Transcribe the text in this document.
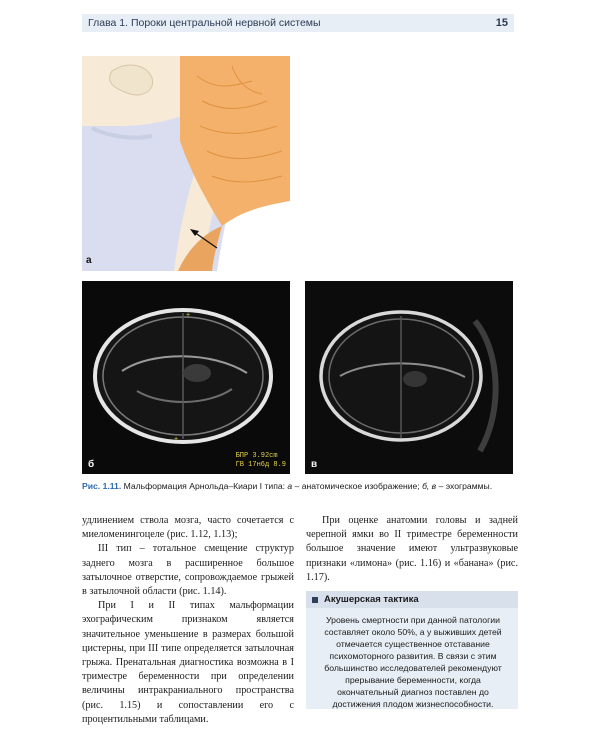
Глава 1. Пороки центральной нервной системы	15
а
+
+
б
БПР 3.92cm
ГВ 17н6д 8.9	в
Рис. 1.11. Мальформация Арнольда–Киари I типа: а – анатомическое изображение; б, в – эхограммы.

удлинением ствола мозга, часто сочетается с миеломенингоцеле (рис. 1.12, 1.13);

III тип – тотальное смещение структур заднего мозга в расширенное большое затылочное отверстие, сопровождаемое грыжей в затылочной области (рис. 1.14).

При I и II типах мальформации эхографическим признаком является значительное уменьшение в размерах большой цистерны, при III типе определяется затылочная грыжа. Пренатальная диагностика возможна в I триместре беременности при определении величины интракраниального пространства (рис. 1.15) и сопоставлении его с процентильными таблицами.

При оценке анатомии головы и задней черепной ямки во II триместре беременности большое значение имеют ультразвуковые признаки «лимона» (рис. 1.16) и «банана» (рис. 1.17).

Акушерская тактика
Уровень смертности при данной патологии составляет около 50%, а у выживших детей отмечается существенное отставание психомоторного развития. В связи с этим большинство исследователей рекомендуют прерывание беременности, когда окончательный диагноз поставлен до достижения плодом жизнеспособности.
